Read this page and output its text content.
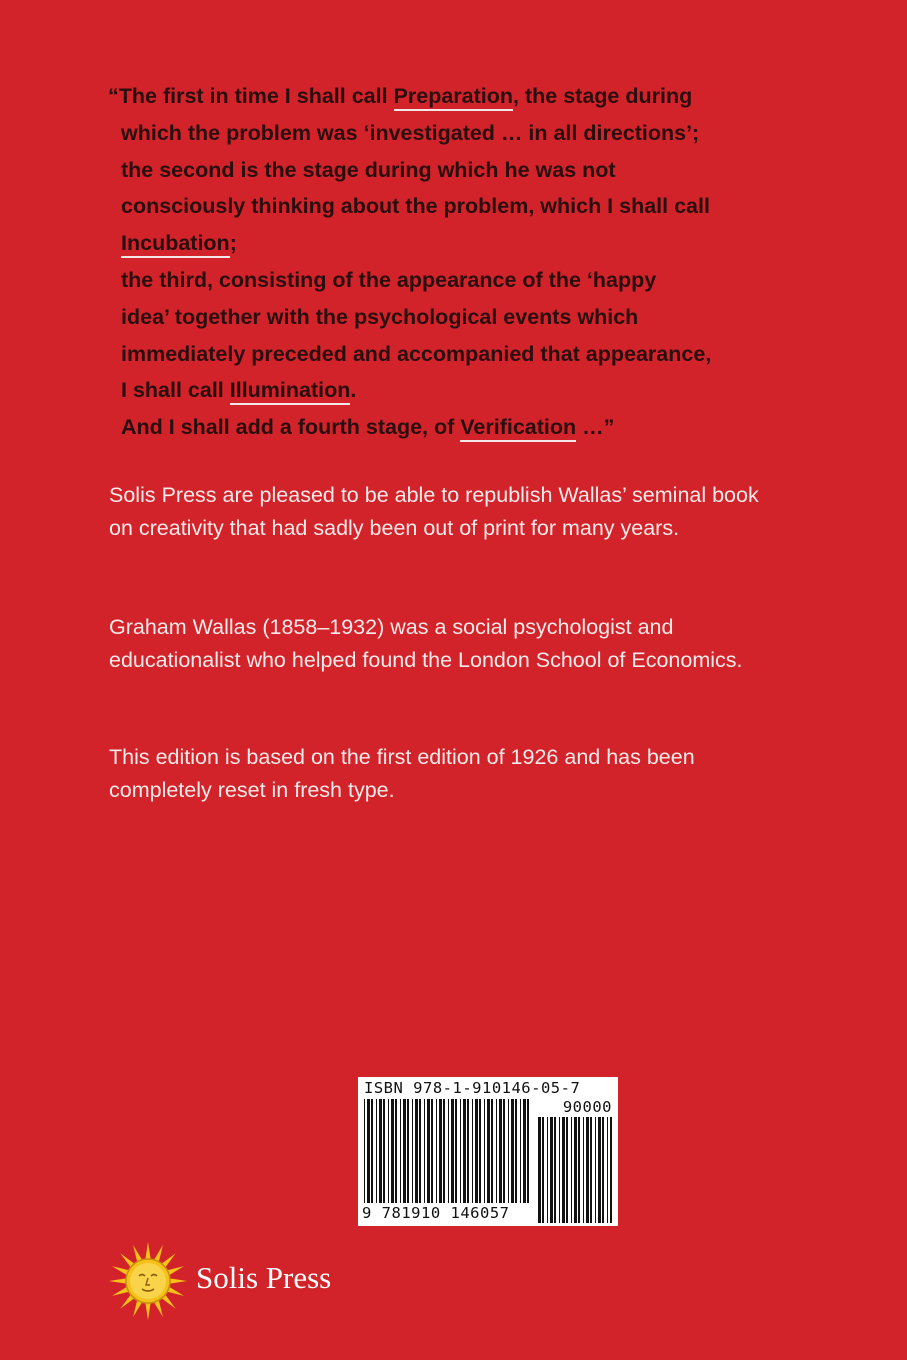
“The first in time I shall call Preparation, the stage during
which the problem was ‘investigated … in all directions’;
the second is the stage during which he was not
consciously thinking about the problem, which I shall call
Incubation;
the third, consisting of the appearance of the ‘happy
idea’ together with the psychological events which
immediately preceded and accompanied that appearance,
I shall call Illumination.
And I shall add a fourth stage, of Verification …”

Solis Press are pleased to be able to republish Wallas’ seminal book on creativity that had sadly been out of print for many years.

Graham Wallas (1858–1932) was a social psychologist and educationalist who helped found the London School of Economics.

This edition is based on the first edition of 1926 and has been completely reset in fresh type.

ISBN 978-1-910146-05-7
90000
9 781910 146057
Solis Press
